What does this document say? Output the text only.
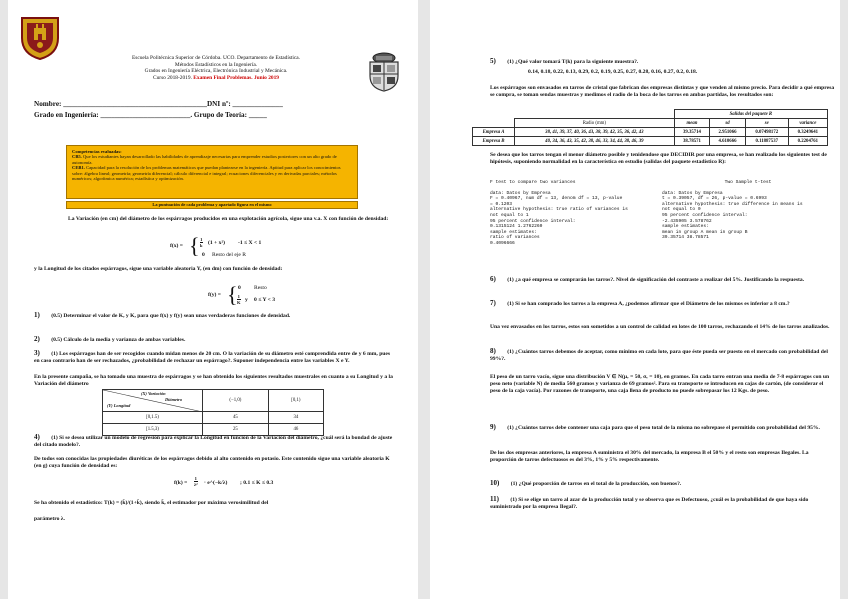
Escuela Politécnica Superior de Córdoba. UCO. Departamento de Estadística.
Métodos Estadísticos en la Ingeniería.
Grados en Ingeniería Eléctrica, Electrónica Industrial y Mecánica.
Curso 2018-2019. Examen Final Problemas. Junio 2019
Nombre: ________________________________________DNI nº: ______________
Grado en Ingeniería: _________________________. Grupo de Teoría: _____
Competencias evaluadas:
CB5. Que los estudiantes hayan desarrollado las habilidades de aprendizaje necesarias para emprender estudios posteriores con un alto grado de autonomía.
CEB1. Capacidad para la resolución de los problemas matemáticos que puedan plantearse en la ingeniería. Aptitud para aplicar los conocimientos sobre: álgebra lineal; geometría; geometría diferencial; cálculo diferencial e integral; ecuaciones diferenciales y en derivadas parciales; métodos numéricos; algorítmica numérica; estadística y optimización.
La puntuación de cada problema y apartado figura en el mismo
La Variación (en cm) del diámetro de los espárragos producidos en una explotación agrícola, sigue una v.a. X con función de densidad:
f(x) = { $\frac{1}{k} (1 + x^2) -1 \le X < 1$
0 Resto del eje R
y la Longitud de los citados espárragos, sigue una variable aleatoria Y, (en dm) con función de densidad:
f(y) = { 0 Resto
$\frac{1}{K}$ y 0 ≤ Y < 3
1) (0.5) Determinar el valor de K, y K, para que f(x) y f(y) sean unas verdaderas funciones de densidad.
2) (0.5) Cálculo de la media y varianza de ambas variables.
3) (1) Los espárragos han de ser recogidos cuando midan menos de 20 cm. O la variación de su diámetro esté comprendida entre de y 6 mm, pues en caso contrario han de ser rechazados, ¿probabilidad de rechazar un espárrago?. Suponer independencia entre las variables X e Y.
En la presente campaña, se ha tomado una muestra de espárragos y se han obtenido los siguientes resultados muestrales en cuanto a su Longitud y a la Variación del diámetro
(X) Variación
Diámetro
(Y) Longitud	(−1,0)	[0,1)
[0,1.5)	45	34
[1.5,3)	25	46
4) (1) Si se desea utilizar un modelo de regresión para explicar la Longitud en función de la Variación del diámetro, ¿cuál será la bondad de ajuste del citado modelo?.
De todos son conocidas las propiedades diuréticas de los espárragos debido al alto contenido en potasio. Este contenido sigue una variable aleatoria K (en g) cuya función de densidad es:
$f(k) = \frac{1}{\text{λ²}}$ · e^(−k/λ) ; 0.1 ≤ K ≤ 0.3
Se ha obtenido el estadístico: T(k) = (k̄)/(1+k̄), siendo k̄, el estimador por máxima verosimilitud del
parámetro λ.
5) (1) ¿Qué valor tomará T(k) para la siguiente muestra?.
0.14, 0.18, 0.22, 0.13, 0.29, 0.2, 0.19, 0.25, 0.27, 0.28, 0.16, 0.27, 0.2, 0.18.
Los espárragos son envasados en tarros de cristal que fabrican dos empresas distintas y que venden al mismo precio. Para decidir a qué empresa se compra, se toman sendas muestras y medimos el radio de la boca de los tarros en ambas partidas, los resultados son:
		Salidas del paquete R			
	Radio (mm)	mean	sd	se	variance
Empresa A	38, 41, 39, 37, 40, 36, 43, 38, 39, 42, 35, 36, 42, 43	39.35714	2.951066	0.07498172	0.3249641
Empresa B	40, 34, 36, 43, 35, 42, 38, 46, 33, 34, 44, 38, 46, 39	38.78571	4.610666	0.11887537	0.2204761
Se desea que los tarros tengan el menor diámetro posible y tenidendose que DECIDIR por una empresa, se han realizado los siguientes test de hipótesis, suponiendo normalidad en la característica en estudio (salidas del paquete estadístico R):
F test to compare two variances
data: Datos by Empresa
F = 0.40967, num df = 13, denom df = 13, p-value
= 0.1203
alternative hypothesis: true ratio of variances is
not equal to 1
95 percent confidence interval:
0.1315124 1.2762260
sample estimates:
ratio of variances
0.4096666
Two Sample t-test
data: Datos by Empresa
t = 0.39057, df = 26, p-value = 0.6993
alternative hypothesis: true difference in means is
not equal to 0
95 percent confidence interval:
-2.435905 3.578762
sample estimates:
mean in group A mean in group B
39.35714 38.78571
6) (1) ¿a qué empresa se comprarán los tarros?. Nivel de significación del contraste a realizar del 5%. Justificando la respuesta.
7) (1) Si se han comprado los tarros a la empresa A, ¿podemos afirmar que el Diámetro de los mismos es inferior a 8 cm.?
Una vez envasados en los tarros, estos son sometidos a un control de calidad en lotes de 100 tarros, rechazando el 14% de los tarros analizados.
8) (1) ¿Cuántos tarros debemos de aceptar, como mínimo en cada lote, para que éste pueda ser puesto en el mercado con probabilidad del 99%?.
El peso de un tarro vacío, sigue una distribución V ∈ N(μᵥ = 50, σᵥ = 10), en gramos. En cada tarro entran una media de 7-8 espárragos con un peso neto (variable N) de media 560 gramos y varianza de 69 gramos². Para su transporte se introducen en cajas de cartón, (de considerar el peso de la caja vacía). Por razones de transporte, una caja llena de producto no puede sobrepasar los 12 Kgs. de peso.
9) (1) ¿Cuántos tarros debe contener una caja para que el peso total de la misma no sobrepase el permitido con probabilidad del 95%.
De los dos empresas anteriores, la empresa A suministra el 30% del mercado, la empresa B el 50% y el resto son empresas Ilegales. La proporción de tarros defectuosos es del 3%, 1% y 5% respectivamente.
10) (1) ¿Qué proporción de tarros en el total de la producción, son buenos?.
11) (1) Si se elige un tarro al azar de la producción total y se observa que es Defectuoso, ¿cuál es la probabilidad de que haya sido suministrado por la empresa Ilegal?.
